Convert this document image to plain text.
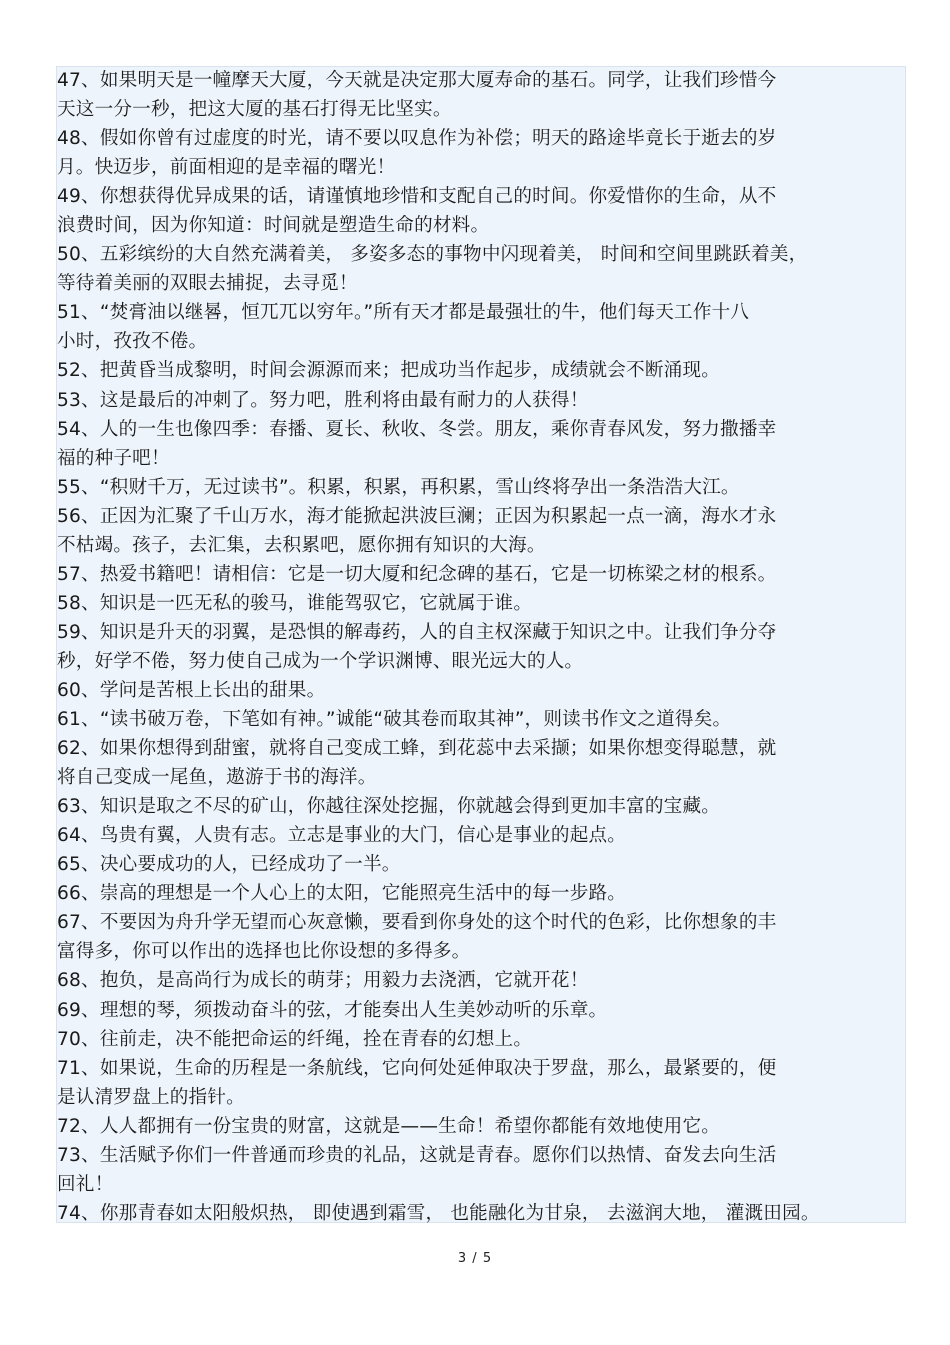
47、如果明天是一幢摩天大厦，今天就是决定那大厦寿命的基石。同学，让我们珍惜今
天这一分一秒，把这大厦的基石打得无比坚实。
48、假如你曾有过虚度的时光，请不要以叹息作为补偿；明天的路途毕竟长于逝去的岁
月。快迈步，前面相迎的是幸福的曙光！
49、你想获得优异成果的话，请谨慎地珍惜和支配自己的时间。你爱惜你的生命，从不
浪费时间，因为你知道：时间就是塑造生命的材料。
50、五彩缤纷的大自然充满着美， 多姿多态的事物中闪现着美， 时间和空间里跳跃着美，
等待着美丽的双眼去捕捉，去寻觅！
51、“焚膏油以继晷，恒兀兀以穷年。”所有天才都是最强壮的牛，他们每天工作十八
小时，孜孜不倦。
52、把黄昏当成黎明，时间会源源而来；把成功当作起步，成绩就会不断涌现。
53、这是最后的冲刺了。努力吧，胜利将由最有耐力的人获得！
54、人的一生也像四季：春播、夏长、秋收、冬尝。朋友，乘你青春风发，努力撒播幸
福的种子吧！
55、“积财千万，无过读书”。积累，积累，再积累，雪山终将孕出一条浩浩大江。
56、正因为汇聚了千山万水，海才能掀起洪波巨澜；正因为积累起一点一滴，海水才永
不枯竭。孩子，去汇集，去积累吧，愿你拥有知识的大海。
57、热爱书籍吧！请相信：它是一切大厦和纪念碑的基石，它是一切栋梁之材的根系。
58、知识是一匹无私的骏马，谁能驾驭它，它就属于谁。
59、知识是升天的羽翼，是恐惧的解毒药，人的自主权深藏于知识之中。让我们争分夺
秒，好学不倦，努力使自己成为一个学识渊博、眼光远大的人。
60、学问是苦根上长出的甜果。
61、“读书破万卷，下笔如有神。”诚能“破其卷而取其神”，则读书作文之道得矣。
62、如果你想得到甜蜜，就将自己变成工蜂，到花蕊中去采撷；如果你想变得聪慧，就
将自己变成一尾鱼，遨游于书的海洋。
63、知识是取之不尽的矿山，你越往深处挖掘，你就越会得到更加丰富的宝藏。
64、鸟贵有翼，人贵有志。立志是事业的大门，信心是事业的起点。
65、决心要成功的人，已经成功了一半。
66、崇高的理想是一个人心上的太阳，它能照亮生活中的每一步路。
67、不要因为舟升学无望而心灰意懒，要看到你身处的这个时代的色彩，比你想象的丰
富得多，你可以作出的选择也比你设想的多得多。
68、抱负，是高尚行为成长的萌芽；用毅力去浇洒，它就开花！
69、理想的琴，须拨动奋斗的弦，才能奏出人生美妙动听的乐章。
70、往前走，决不能把命运的纤绳，拴在青春的幻想上。
71、如果说，生命的历程是一条航线，它向何处延伸取决于罗盘，那么，最紧要的，便
是认清罗盘上的指针。
72、人人都拥有一份宝贵的财富，这就是——生命！希望你都能有效地使用它。
73、生活赋予你们一件普通而珍贵的礼品，这就是青春。愿你们以热情、奋发去向生活
回礼！
74、你那青春如太阳般炽热， 即使遇到霜雪， 也能融化为甘泉， 去滋润大地， 灌溉田园。
3 / 5
